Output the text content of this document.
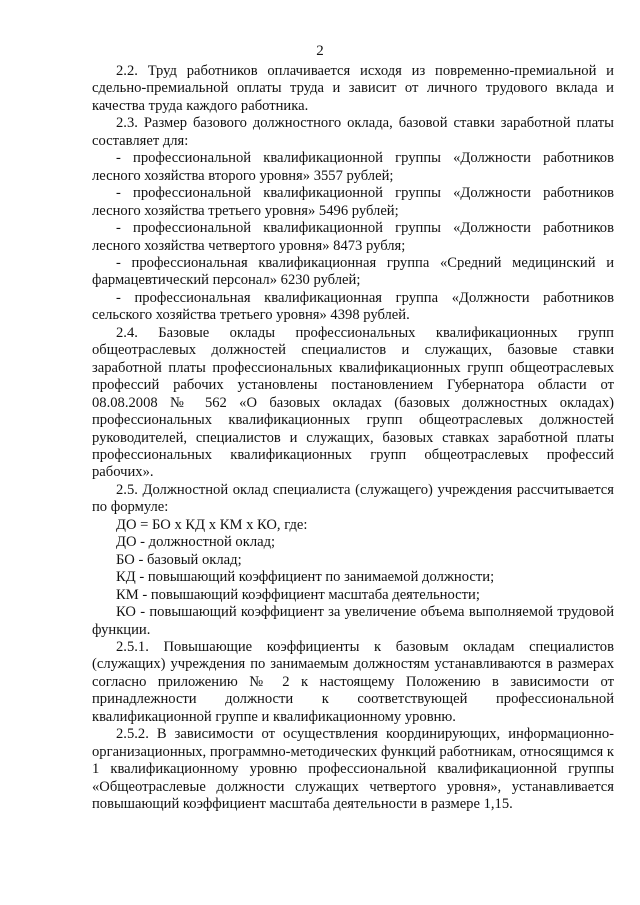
2

2.2. Труд работников оплачивается исходя из повременно-премиальной и сдельно-премиальной оплаты труда и зависит от личного трудового вклада и качества труда каждого работника.

2.3. Размер базового должностного оклада, базовой ставки заработной платы составляет для:

- профессиональной квалификационной группы «Должности работников лесного хозяйства второго уровня» 3557 рублей;

- профессиональной квалификационной группы «Должности работников лесного хозяйства третьего уровня» 5496 рублей;

- профессиональной квалификационной группы «Должности работников лесного хозяйства четвертого уровня» 8473 рубля;

- профессиональная квалификационная группа «Средний медицинский и фармацевтический персонал» 6230 рублей;

- профессиональная квалификационная группа «Должности работников сельского хозяйства третьего уровня» 4398 рублей.

2.4. Базовые оклады профессиональных квалификационных групп общеотраслевых должностей специалистов и служащих, базовые ставки заработной платы профессиональных квалификационных групп общеотраслевых профессий рабочих установлены постановлением Губернатора области от 08.08.2008 № 562 «О базовых окладах (базовых должностных окладах) профессиональных квалификационных групп общеотраслевых должностей руководителей, специалистов и служащих, базовых ставках заработной платы профессиональных квалификационных групп общеотраслевых профессий рабочих».

2.5. Должностной оклад специалиста (служащего) учреждения рассчитывается по формуле:

ДО = БО х КД х КМ х КО, где:

ДО - должностной оклад;

БО - базовый оклад;

КД - повышающий коэффициент по занимаемой должности;

КМ - повышающий коэффициент масштаба деятельности;

КО - повышающий коэффициент за увеличение объема выполняемой трудовой функции.

2.5.1. Повышающие коэффициенты к базовым окладам специалистов (служащих) учреждения по занимаемым должностям устанавливаются в размерах согласно приложению № 2 к настоящему Положению в зависимости от принадлежности должности к соответствующей профессиональной квалификационной группе и квалификационному уровню.

2.5.2. В зависимости от осуществления координирующих, информационно-организационных, программно-методических функций работникам, относящимся к 1 квалификационному уровню профессиональной квалификационной группы «Общеотраслевые должности служащих четвертого уровня», устанавливается повышающий коэффициент масштаба деятельности в размере 1,15.
